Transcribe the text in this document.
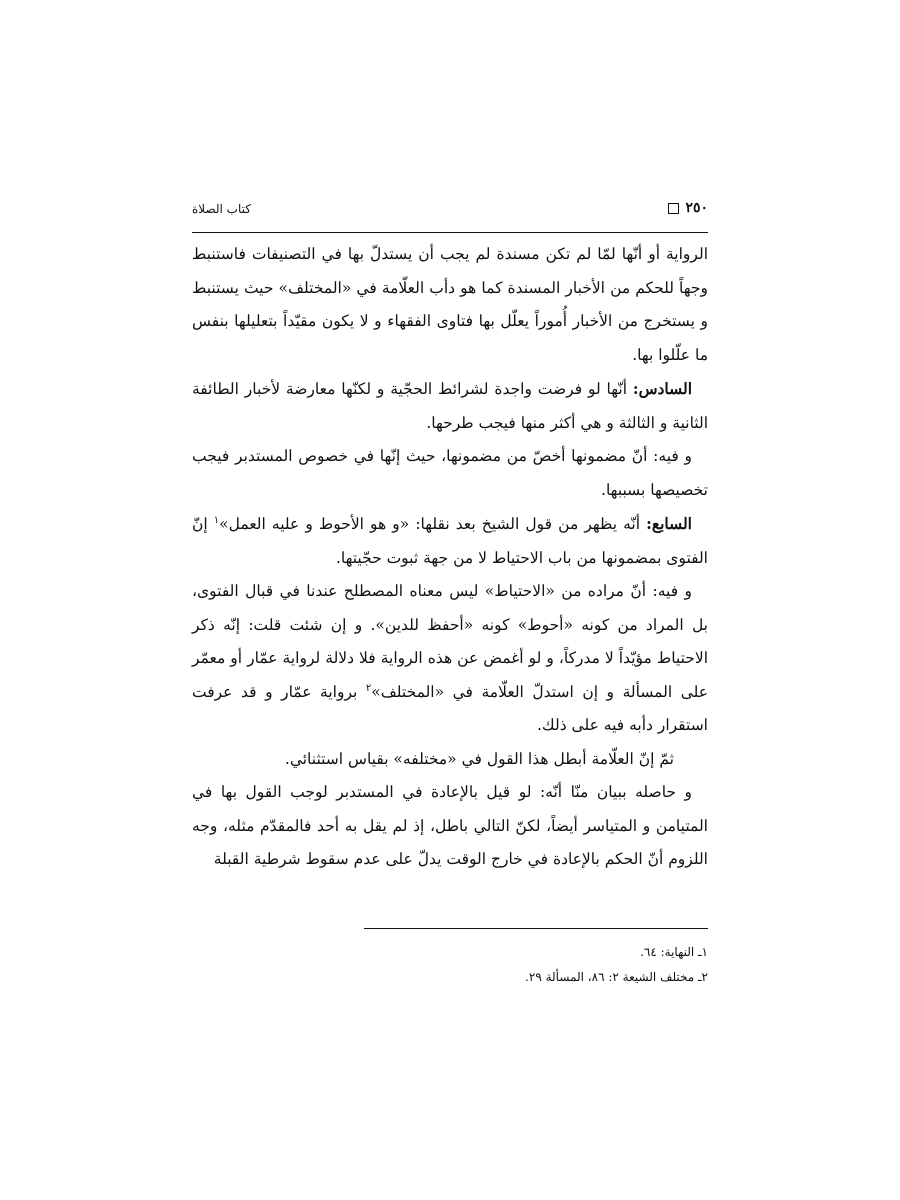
٢٥٠
كتاب الصلاة

الرواية أو أنّها لمّا لم تكن مسندة لم يجب أن يستدلّ بها في التصنيفات فاستنبط وجهاً للحكم من الأخبار المسندة كما هو دأب العلّامة في «المختلف» حيث يستنبط و يستخرج من الأخبار أُموراً يعلّل بها فتاوى الفقهاء و لا يكون مقيّداً بتعليلها بنفس ما علّلوا بها.

السادس: أنّها لو فرضت واجدة لشرائط الحجّية و لكنّها معارضة لأخبار الطائفة الثانية و الثالثة و هي أكثر منها فيجب طرحها.

و فيه: أنّ مضمونها أخصّ من مضمونها، حيث إنّها في خصوص المستدبر فيجب تخصيصها بسببها.

السابع: أنّه يظهر من قول الشيخ بعد نقلها: «و هو الأحوط و عليه العمل»$^١$ إنّ الفتوى بمضمونها من باب الاحتياط لا من جهة ثبوت حجّيتها.

و فيه: أنّ مراده من «الاحتياط» ليس معناه المصطلح عندنا في قبال الفتوى، بل المراد من كونه «أحوط» كونه «أحفظ للدين». و إن شئت قلت: إنّه ذكر الاحتياط مؤيّداً لا مدركاً، و لو أغمض عن هذه الرواية فلا دلالة لرواية عمّار أو معمّر على المسألة و إن استدلّ العلّامة في «المختلف»$^٢$ برواية عمّار و قد عرفت استقرار دأبه فيه على ذلك.

ثمّ إنّ العلّامة أبطل هذا القول في «مختلفه» بقياس استثنائي.

و حاصله ببيان منّا أنّه: لو قيل بالإعادة في المستدبر لوجب القول بها في المتيامن و المتياسر أيضاً، لكنّ التالي باطل، إذ لم يقل به أحد فالمقدّم مثله، وجه اللزوم أنّ الحكم بالإعادة في خارج الوقت يدلّ على عدم سقوط شرطية القبلة

١ـ النهاية: ٦٤.
٢ـ مختلف الشيعة ٢: ٨٦، المسألة ٢٩.
